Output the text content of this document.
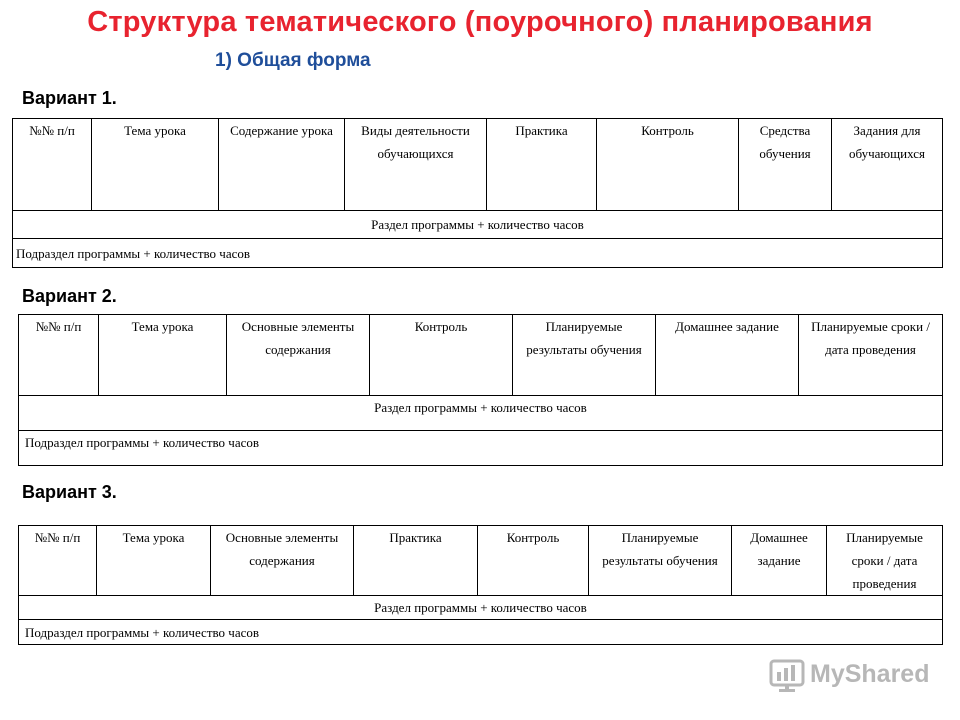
Структура тематического (поурочного) планирования
1) Общая форма
Вариант 1.
№№ п/п	Тема урока	Содержание урока	Виды деятельности обучающихся	Практика	Контроль	Средства обучения	Задания для обучающихся
Раздел программы + количество часов
Подраздел программы + количество часов
Вариант 2.
№№ п/п	Тема урока	Основные элементы содержания	Контроль	Планируемые результаты обучения	Домашнее задание	Планируемые сроки / дата проведения
Раздел программы + количество часов
Подраздел программы + количество часов
Вариант 3.
№№ п/п	Тема урока	Основные элементы содержания	Практика	Контроль	Планируемые результаты обучения	Домашнее задание	Планируемые сроки / дата проведения
Раздел программы + количество часов
Подраздел программы + количество часов
MyShared
